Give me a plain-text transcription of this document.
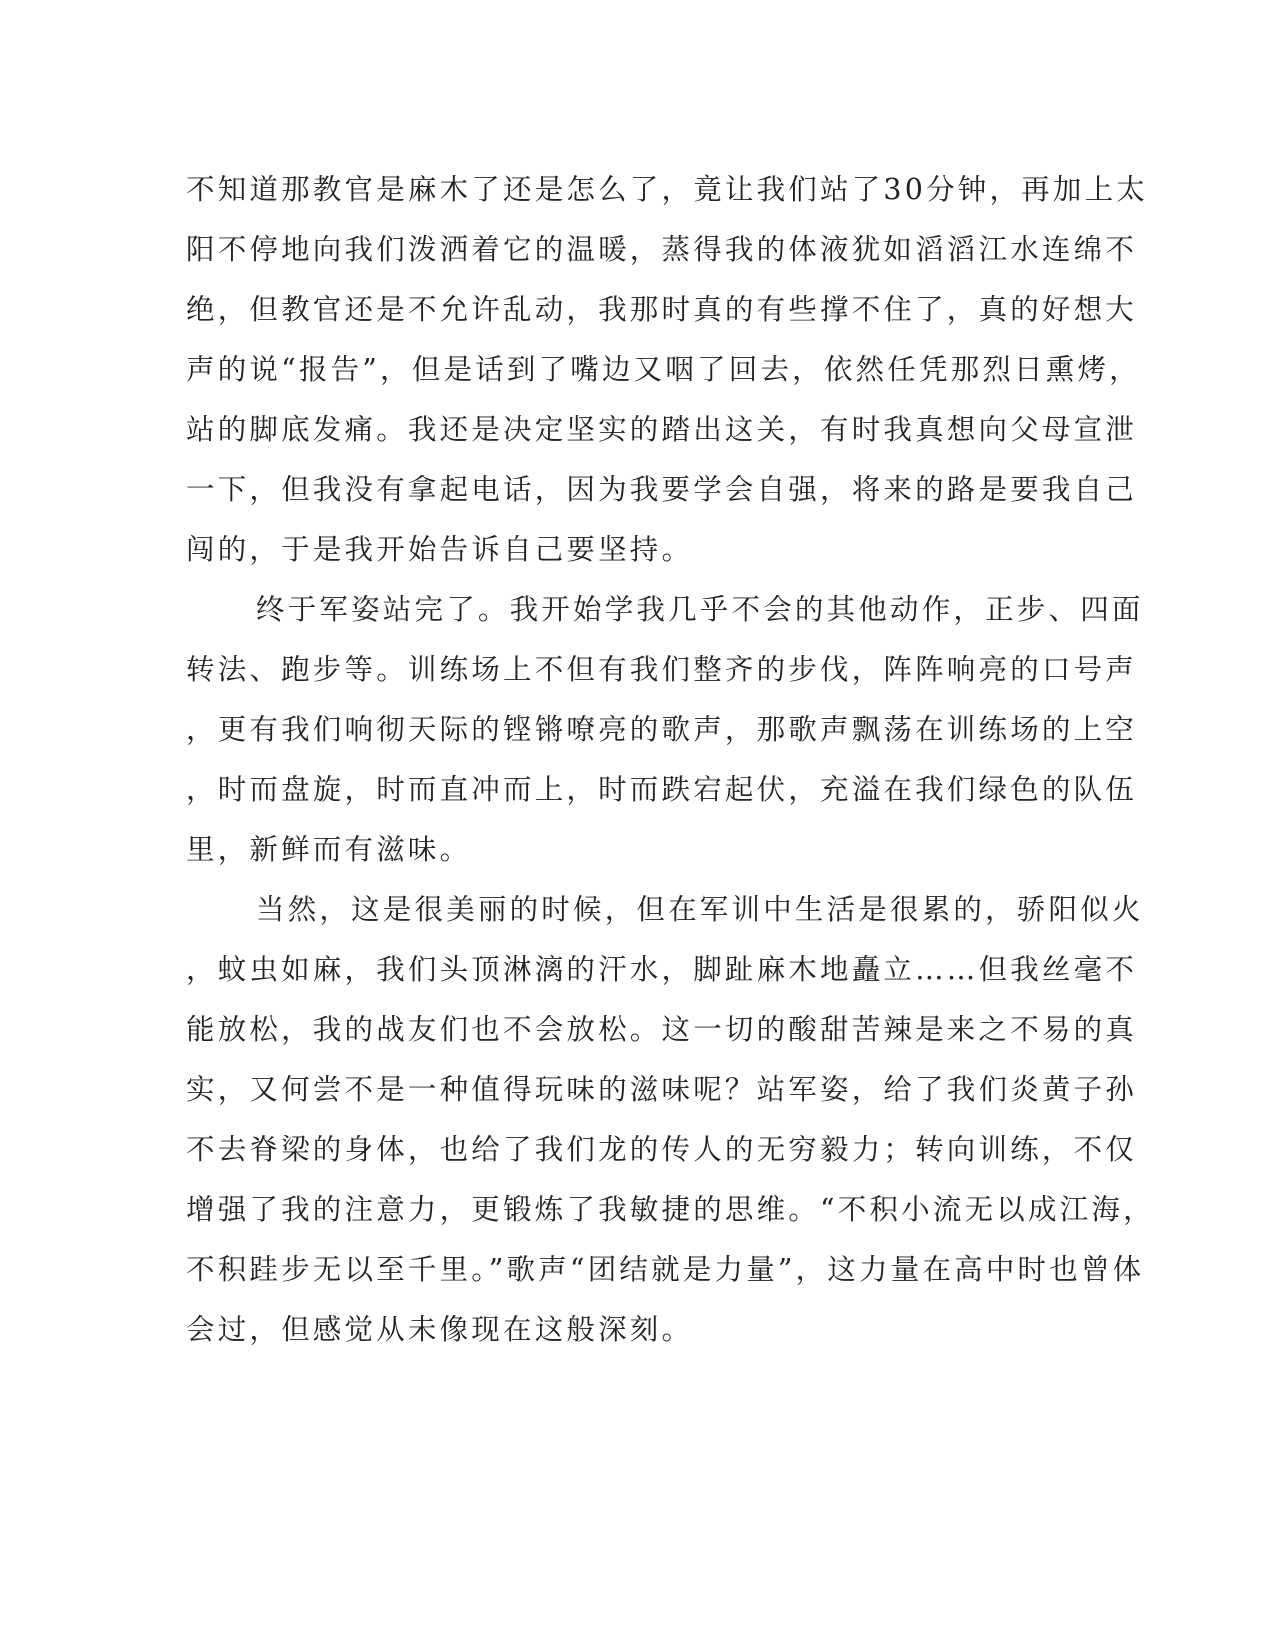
不知道那教官是麻木了还是怎么了，竟让我们站了30分钟，再加上太
阳不停地向我们泼洒着它的温暖，蒸得我的体液犹如滔滔江水连绵不
绝，但教官还是不允许乱动，我那时真的有些撑不住了，真的好想大
声的说“报告”，但是话到了嘴边又咽了回去，依然任凭那烈日熏烤，
站的脚底发痛。我还是决定坚实的踏出这关，有时我真想向父母宣泄
一下，但我没有拿起电话，因为我要学会自强，将来的路是要我自己
闯的，于是我开始告诉自己要坚持。
终于军姿站完了。我开始学我几乎不会的其他动作，正步、四面
转法、跑步等。训练场上不但有我们整齐的步伐，阵阵响亮的口号声
，更有我们响彻天际的铿锵嘹亮的歌声，那歌声飘荡在训练场的上空
，时而盘旋，时而直冲而上，时而跌宕起伏，充溢在我们绿色的队伍
里，新鲜而有滋味。
当然，这是很美丽的时候，但在军训中生活是很累的，骄阳似火
，蚊虫如麻，我们头顶淋漓的汗水，脚趾麻木地矗立……但我丝毫不
能放松，我的战友们也不会放松。这一切的酸甜苦辣是来之不易的真
实，又何尝不是一种值得玩味的滋味呢？站军姿，给了我们炎黄子孙
不去脊梁的身体，也给了我们龙的传人的无穷毅力；转向训练，不仅
增强了我的注意力，更锻炼了我敏捷的思维。“不积小流无以成江海，
不积跬步无以至千里。”歌声“团结就是力量”，这力量在高中时也曾体
会过，但感觉从未像现在这般深刻。
